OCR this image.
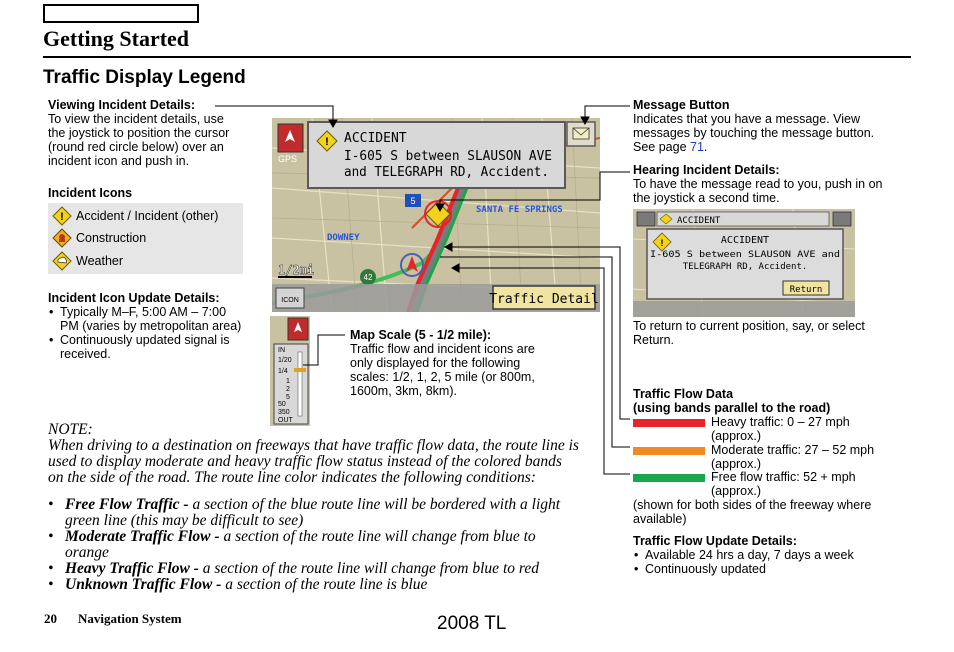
Getting Started
Traffic Display Legend
Viewing Incident Details:
To view the incident details, use
the joystick to position the cursor
(round red circle below) over an
incident icon and push in.
Incident Icons
! Accident / Incident (other)
Construction
Weather
Incident Icon Update Details:
• Typically M–F, 5:00 AM – 7:00
PM (varies by metropolitan area)
• Continuously updated signal is
received.
5
42
SANTA FE SPRINGS
DOWNEY
! ACCIDENT
I-605 S between SLAUSON AVE
and TELEGRAPH RD, Accident.
GPS
1/2mi
ICON	Traffic Detail
IN
1/20
1/4
1
2
5
50
350
OUT
Map Scale (5 - 1/2 mile):
Traffic flow and incident icons are
only displayed for the following
scales: 1/2, 1, 2, 5 mile (or 800m,
1600m, 3km, 8km).
Message Button
Indicates that you have a message. View
messages by touching the message button.
See page 71.
Hearing Incident Details:
To have the message read to you, push in on
the joystick a second time.
ACCIDENT
!	ACCIDENT
I-605 S between SLAUSON AVE and
TELEGRAPH RD, Accident.
Return
To return to current position, say, or select
Return.
Traffic Flow Data
(using bands parallel to the road)
Heavy traffic: 0 – 27 mph
(approx.)
Moderate traffic: 27 – 52 mph
(approx.)
Free flow traffic: 52 + mph
(approx.)
(shown for both sides of the freeway where
available)
Traffic Flow Update Details:
• Available 24 hrs a day, 7 days a week
• Continuously updated
NOTE:
When driving to a destination on freeways that have traffic flow data, the route line is
used to display moderate and heavy traffic flow status instead of the colored bands
on the side of the road. The route line color indicates the following conditions:
• Free Flow Traffic - a section of the blue route line will be bordered with a light
green line (this may be difficult to see)
• Moderate Traffic Flow - a section of the route line will change from blue to
orange
• Heavy Traffic Flow - a section of the route line will change from blue to red
• Unknown Traffic Flow - a section of the route line is blue
20 Navigation System	2008 TL
